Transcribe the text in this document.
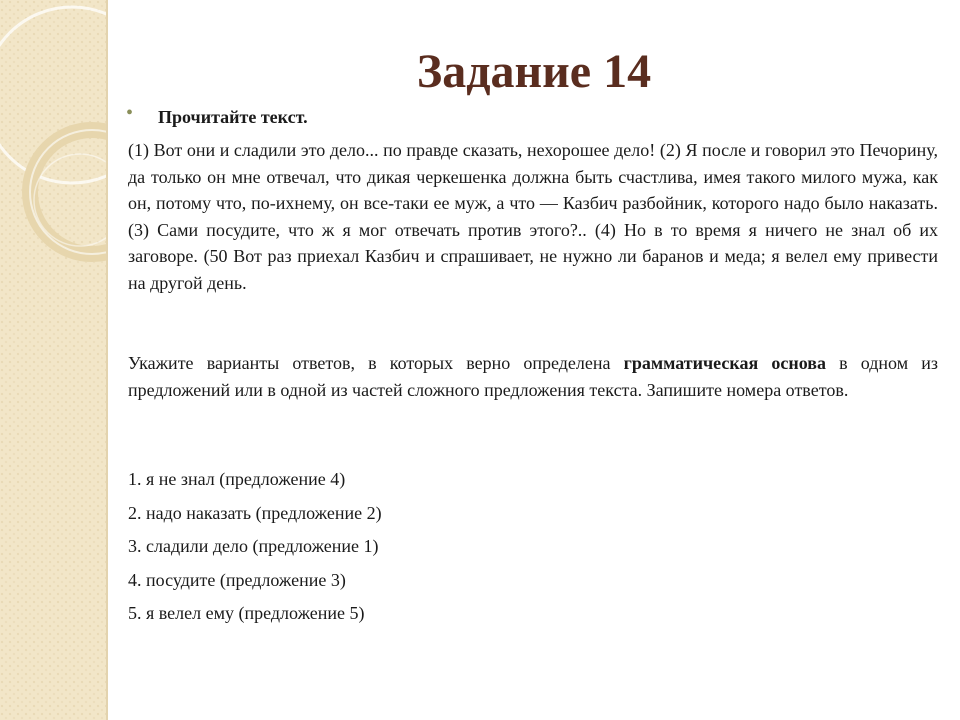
Задание 14
• Прочитайте текст.

(1) Вот они и сладили это дело... по правде сказать, нехорошее дело! (2) Я после и говорил это Печорину, да только он мне отвечал, что дикая черкешенка должна быть счастлива, имея такого милого мужа, как он, потому что, по-ихнему, он все-таки ее муж, а что — Казбич разбойник, которого надо было наказать. (3) Сами посудите, что ж я мог отвечать против этого?.. (4) Но в то время я ничего не знал об их заговоре. (50 Вот раз приехал Казбич и спрашивает, не нужно ли баранов и меда; я велел ему привести на другой день.

Укажите варианты ответов, в которых верно определена грамматическая основа в одном из предложений или в одной из частей сложного предложения текста. Запишите номера ответов.

1. я не знал (предложение 4)
2. надо наказать (предложение 2)
3. сладили дело (предложение 1)
4. посудите (предложение 3)
5. я велел ему (предложение 5)
